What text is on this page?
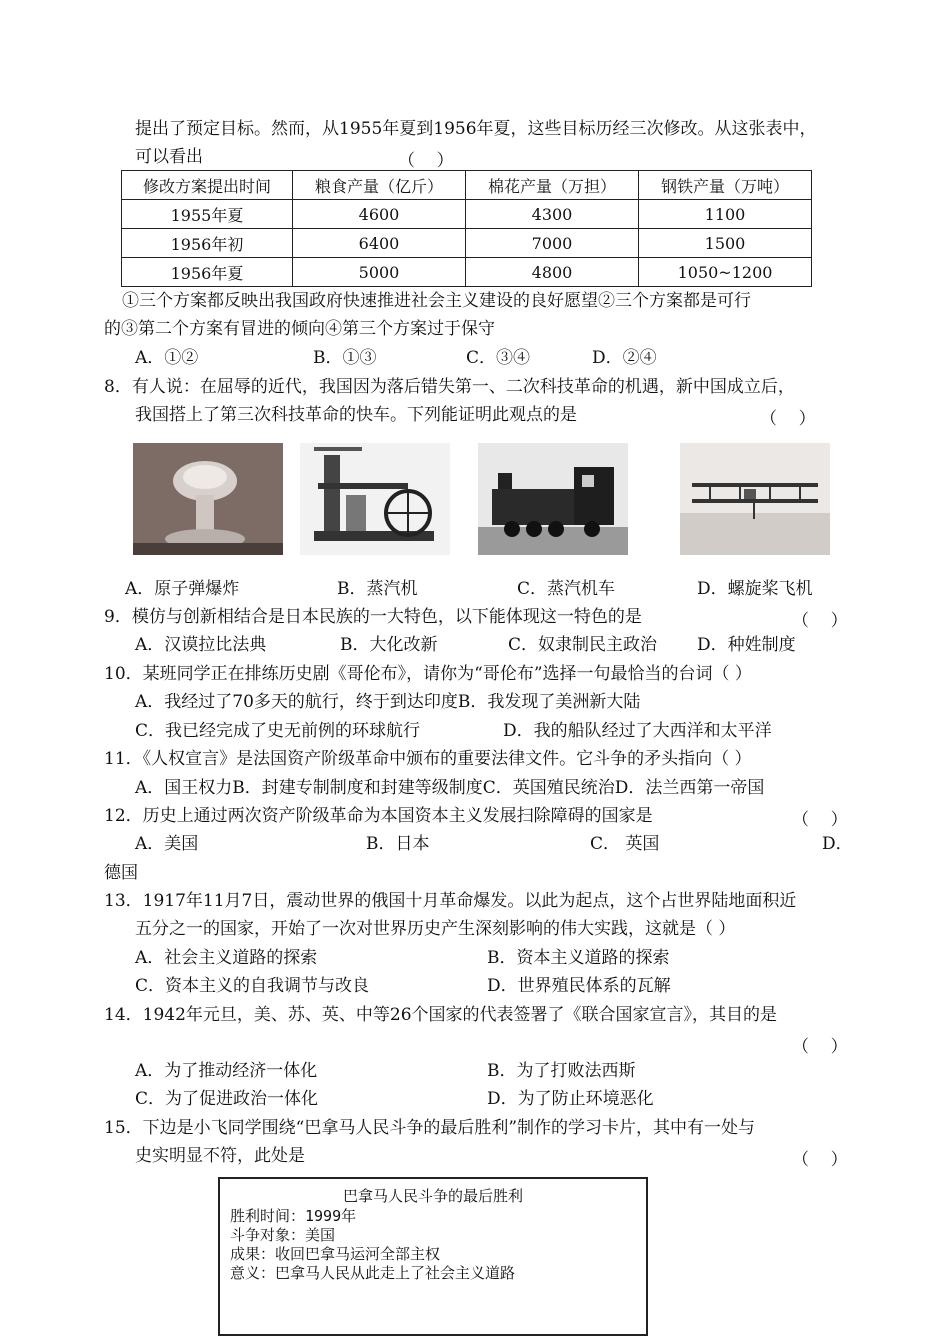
提出了预定目标。然而，从1955年夏到1956年夏，这些目标历经三次修改。从这张表中，
可以看出	（    ）
修改方案提出时间	粮食产量（亿斤）	棉花产量（万担）	钢铁产量（万吨）
1955年夏	4600	4300	1100
1956年初	6400	7000	1500
1956年夏	5000	4800	1050~1200
①三个方案都反映出我国政府快速推进社会主义建设的良好愿望②三个方案都是可行
的③第二个方案有冒进的倾向④第三个方案过于保守
A．①②	B．①③	C．③④	D．②④
8．有人说：在屈辱的近代，我国因为落后错失第一、二次科技革命的机遇，新中国成立后，
我国搭上了第三次科技革命的快车。下列能证明此观点的是	（    ）
A．原子弹爆炸	B．蒸汽机	C．蒸汽机车	D．螺旋桨飞机
9．模仿与创新相结合是日本民族的一大特色，以下能体现这一特色的是	（    ）
A．汉谟拉比法典	B．大化改新	C．奴隶制民主政治 D．种姓制度
10．某班同学正在排练历史剧《哥伦布》，请你为“哥伦布”选择一句最恰当的台词（ ）
A．我经过了70多天的航行，终于到达印度B．我发现了美洲新大陆
C．我已经完成了史无前例的环球航行	D．我的船队经过了大西洋和太平洋
11．《人权宣言》是法国资产阶级革命中颁布的重要法律文件。它斗争的矛头指向（ ）
A．国王权力B．封建专制制度和封建等级制度C．英国殖民统治D．法兰西第一帝国
12．历史上通过两次资产阶级革命为本国资本主义发展扫除障碍的国家是	（    ）
A．美国	B．日本	C． 英国	D．
德国
13．1917年11月7日，震动世界的俄国十月革命爆发。以此为起点，这个占世界陆地面积近
五分之一的国家，开始了一次对世界历史产生深刻影响的伟大实践，这就是（ ）
A．社会主义道路的探索	B．资本主义道路的探索
C．资本主义的自我调节与改良	D．世界殖民体系的瓦解
14．1942年元旦，美、苏、英、中等26个国家的代表签署了《联合国家宣言》，其目的是
（    ）
A．为了推动经济一体化	B．为了打败法西斯
C．为了促进政治一体化	D．为了防止环境恶化
15．下边是小飞同学围绕“巴拿马人民斗争的最后胜利”制作的学习卡片，其中有一处与
史实明显不符，此处是	（    ）
巴拿马人民斗争的最后胜利
胜利时间：1999年
斗争对象：美国
成果：收回巴拿马运河全部主权
意义：巴拿马人民从此走上了社会主义道路
